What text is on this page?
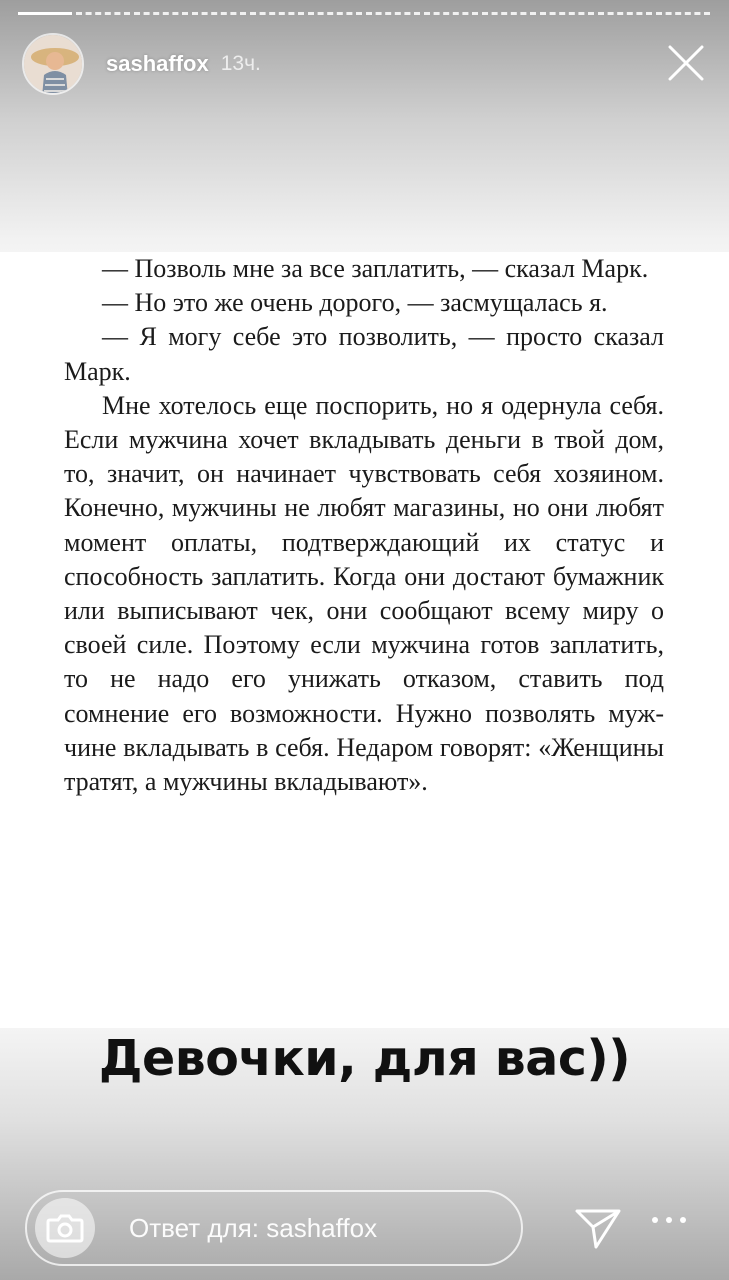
sashaffox 13ч.

— Позволь мне за все заплатить, — сказал Марк.

— Но это же очень дорого, — засмущалась я.

— Я могу себе это позволить, — просто сказал Марк.

Мне хотелось еще поспорить, но я одернула себя. Если мужчина хочет вкладывать деньги в твой дом, то, значит, он начинает чувствовать себя хозяином. Конечно, мужчины не любят магазины, но они любят момент оплаты, подтверждающий их статус и способность заплатить. Когда они достают бумажник или выписывают чек, они сообщают всему миру о своей силе. Поэтому если мужчина готов заплатить, то не надо его унижать отказом, ставить под сомнение его возможности. Нужно позволять мужчине вкладывать в себя. Недаром говорят: «Женщины тратят, а мужчины вкладывают».

Девочки, для вас))
Ответ для: sashaffox
